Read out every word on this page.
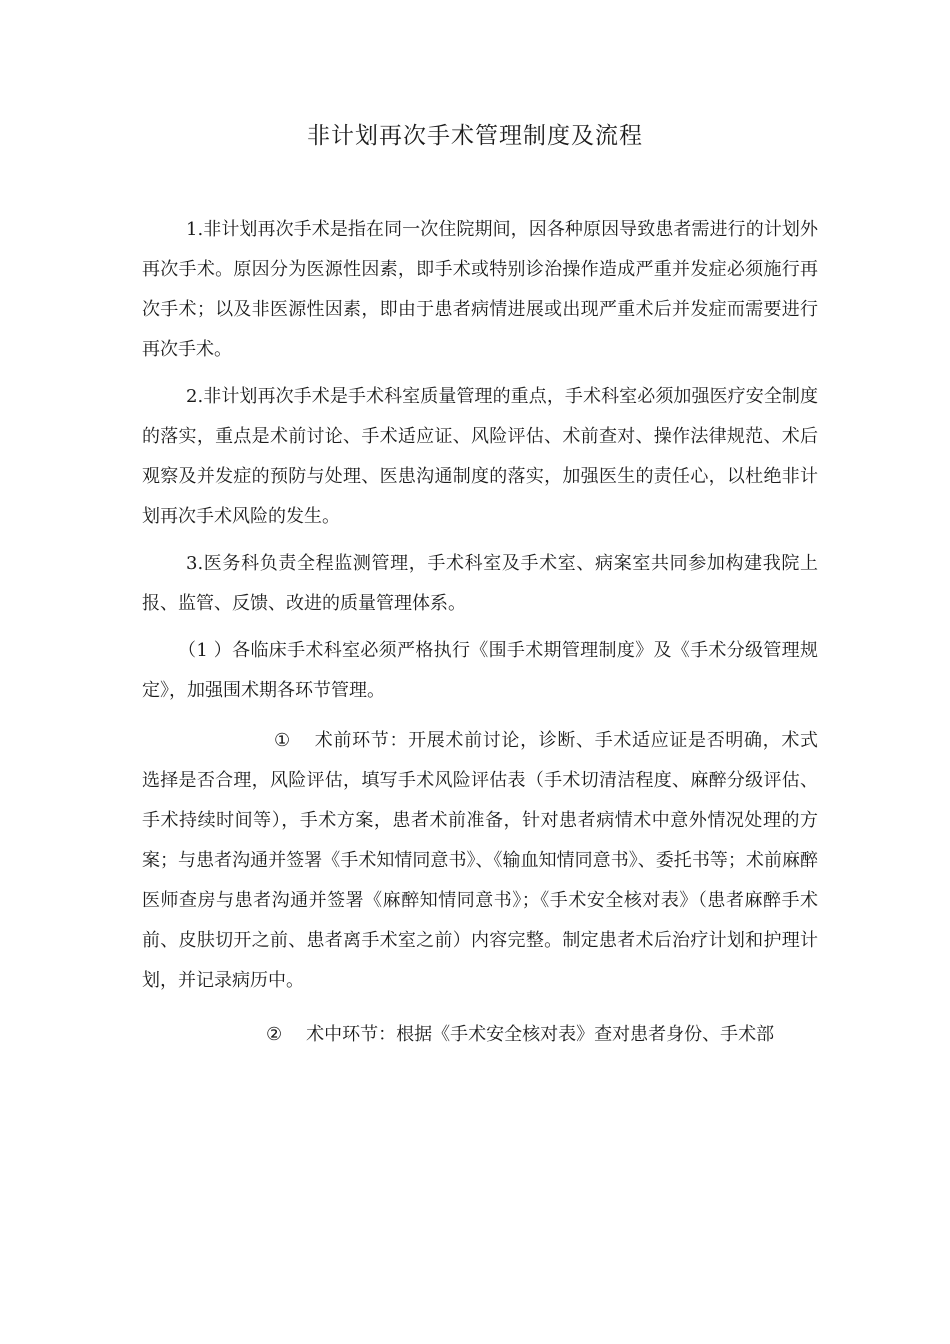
非计划再次手术管理制度及流程

1.非计划再次手术是指在同一次住院期间，因各种原因导致患者需进行的计划外再次手术。原因分为医源性因素，即手术或特别诊治操作造成严重并发症必须施行再次手术；以及非医源性因素，即由于患者病情进展或出现严重术后并发症而需要进行再次手术。

2.非计划再次手术是手术科室质量管理的重点，手术科室必须加强医疗安全制度的落实，重点是术前讨论、手术适应证、风险评估、术前查对、操作法律规范、术后观察及并发症的预防与处理、医患沟通制度的落实，加强医生的责任心，以杜绝非计划再次手术风险的发生。

3.医务科负责全程监测管理，手术科室及手术室、病案室共同参加构建我院上报、监管、反馈、改进的质量管理体系。

（1 ）各临床手术科室必须严格执行《围手术期管理制度》及《手术分级管理规定》，加强围术期各环节管理。

① 术前环节：开展术前讨论，诊断、手术适应证是否明确，术式选择是否合理，风险评估，填写手术风险评估表（手术切清洁程度、麻醉分级评估、手术持续时间等），手术方案，患者术前准备，针对患者病情术中意外情况处理的方案；与患者沟通并签署《手术知情同意书》、《输血知情同意书》、委托书等；术前麻醉医师查房与患者沟通并签署《麻醉知情同意书》；《手术安全核对表》（患者麻醉手术前、皮肤切开之前、患者离手术室之前）内容完整。制定患者术后治疗计划和护理计划，并记录病历中。

② 术中环节：根据《手术安全核对表》查对患者身份、手术部
